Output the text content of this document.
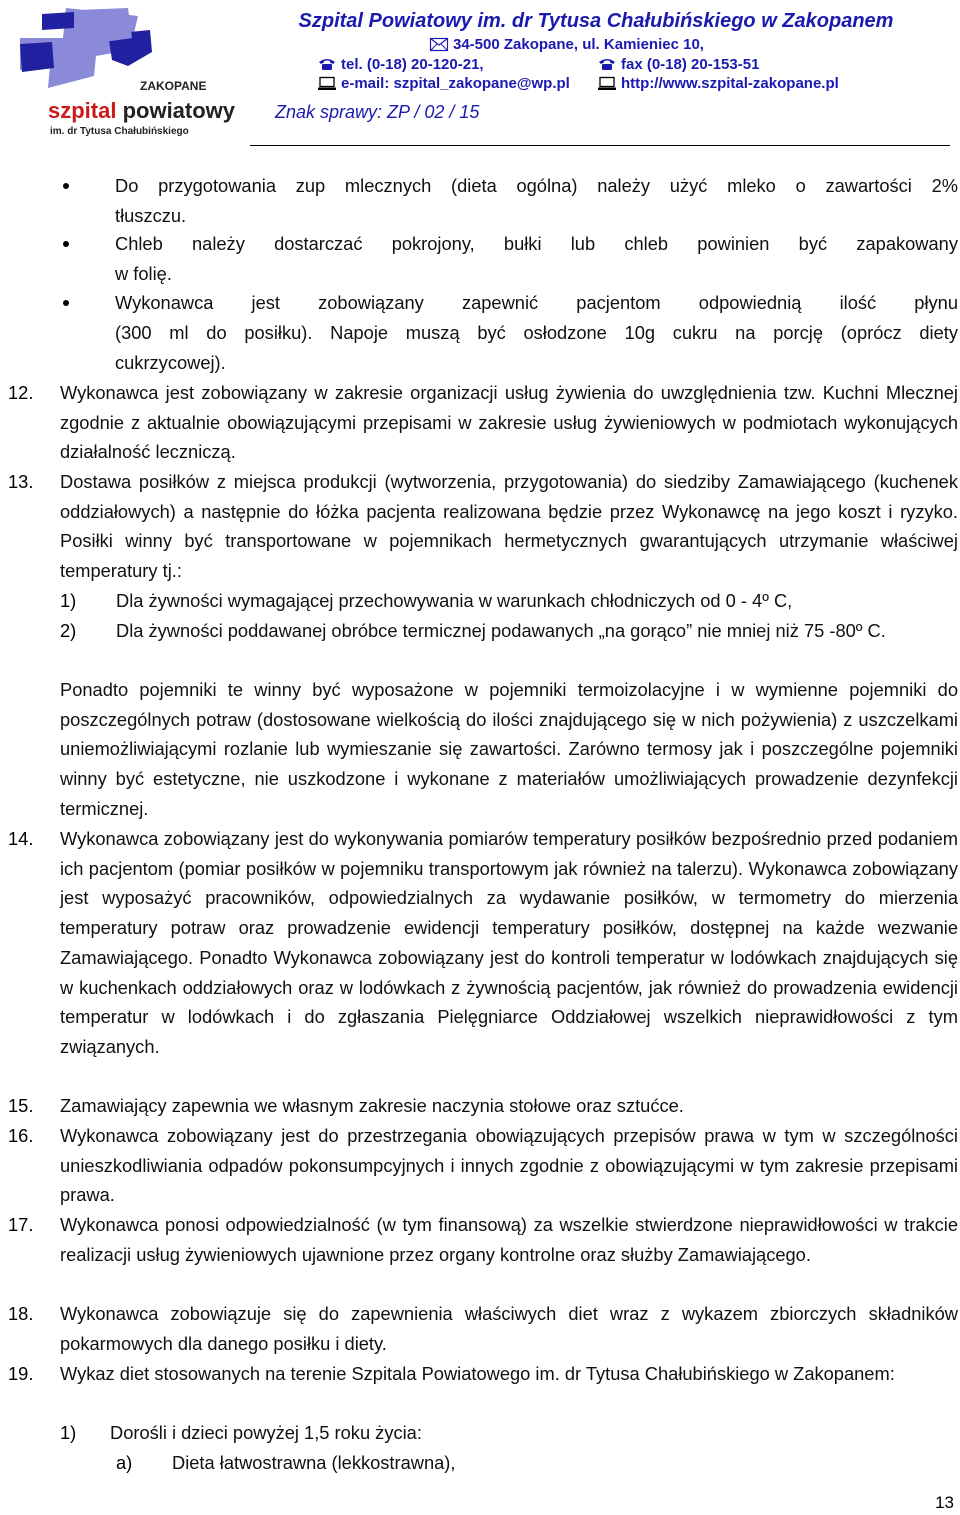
ZAKOPANE
szpital powiatowy
im. dr Tytusa Chałubińskiego
Szpital Powiatowy im. dr Tytusa Chałubińskiego w Zakopanem
34-500 Zakopane, ul. Kamieniec 10,
tel. (0-18) 20-120-21,	fax (0-18) 20-153-51
e-mail: szpital_zakopane@wp.pl	http://www.szpital-zakopane.pl
Znak sprawy: ZP / 02 / 15
Do przygotowania zup mlecznych (dieta ogólna) należy użyć mleko o zawartości 2%
tłuszczu.
Chleb należy dostarczać pokrojony, bułki lub chleb powinien być zapakowany
w folię.
Wykonawca jest zobowiązany zapewnić pacjentom odpowiednią ilość płynu
(300 ml do posiłku). Napoje muszą być osłodzone 10g cukru na porcję (oprócz diety
cukrzycowej).
12. Wykonawca jest zobowiązany w zakresie organizacji usług żywienia do uwzględnienia tzw. Kuchni Mlecznej zgodnie z aktualnie obowiązującymi przepisami w zakresie usług żywieniowych w podmiotach wykonujących działalność leczniczą.
13. Dostawa posiłków z miejsca produkcji (wytworzenia, przygotowania) do siedziby Zamawiającego (kuchenek oddziałowych) a następnie do łóżka pacjenta realizowana będzie przez Wykonawcę na jego koszt i ryzyko. Posiłki winny być transportowane w pojemnikach hermetycznych gwarantujących utrzymanie właściwej temperatury tj.:
1) Dla żywności wymagającej przechowywania w warunkach chłodniczych od 0 - 4º C,
2) Dla żywności poddawanej obróbce termicznej podawanych „na gorąco” nie mniej niż 75 -80º C.
Ponadto pojemniki te winny być wyposażone w pojemniki termoizolacyjne i w wymienne pojemniki do poszczególnych potraw (dostosowane wielkością do ilości znajdującego się w nich pożywienia) z uszczelkami uniemożliwiającymi rozlanie lub wymieszanie się zawartości. Zarówno termosy jak i poszczególne pojemniki winny być estetyczne, nie uszkodzone i wykonane z materiałów umożliwiających prowadzenie dezynfekcji termicznej.
14. Wykonawca zobowiązany jest do wykonywania pomiarów temperatury posiłków bezpośrednio przed podaniem ich pacjentom (pomiar posiłków w pojemniku transportowym jak również na talerzu). Wykonawca zobowiązany jest wyposażyć pracowników, odpowiedzialnych za wydawanie posiłków, w termometry do mierzenia temperatury potraw oraz prowadzenie ewidencji temperatury posiłków, dostępnej na każde wezwanie Zamawiającego. Ponadto Wykonawca zobowiązany jest do kontroli temperatur w lodówkach znajdujących się w kuchenkach oddziałowych oraz w lodówkach z żywnością pacjentów, jak również do prowadzenia ewidencji temperatur w lodówkach i do zgłaszania Pielęgniarce Oddziałowej wszelkich nieprawidłowości z tym związanych.
15. Zamawiający zapewnia we własnym zakresie naczynia stołowe oraz sztućce.
16. Wykonawca zobowiązany jest do przestrzegania obowiązujących przepisów prawa w tym w szczególności unieszkodliwiania odpadów pokonsumpcyjnych i innych zgodnie z obowiązującymi w tym zakresie przepisami prawa.
17. Wykonawca ponosi odpowiedzialność (w tym finansową) za wszelkie stwierdzone nieprawidłowości w trakcie realizacji usług żywieniowych ujawnione przez organy kontrolne oraz służby Zamawiającego.
18. Wykonawca zobowiązuje się do zapewnienia właściwych diet wraz z wykazem zbiorczych składników pokarmowych dla danego posiłku i diety.
19. Wykaz diet stosowanych na terenie Szpitala Powiatowego im. dr Tytusa Chałubińskiego w Zakopanem:
1) Dorośli i dzieci powyżej 1,5 roku życia:
a) Dieta łatwostrawna (lekkostrawna),
13
